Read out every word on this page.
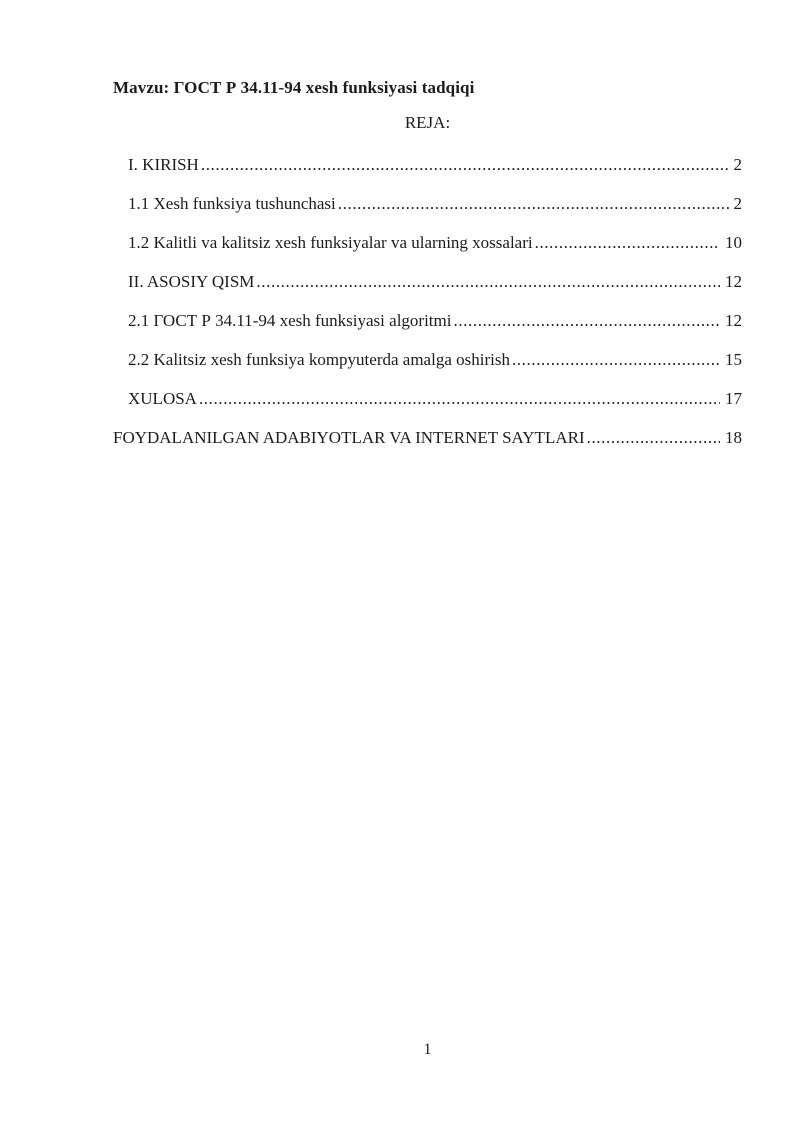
Mavzu: ГОСТ Р 34.11-94 xesh funksiyasi tadqiqi
REJA:
I. KIRISH .....	2
1.1 Xesh funksiya tushunchasi .....	2
1.2 Kalitli va kalitsiz xesh funksiyalar va ularning xossalari .....	10
II. ASOSIY QISM .....	12
2.1 ГОСТ Р 34.11-94 xesh funksiyasi algoritmi .....	12
2.2 Kalitsiz xesh funksiya kompyuterda amalga oshirish .....	15
XULOSA .....	17
FOYDALANILGAN ADABIYOTLAR VA INTERNET SAYTLARI .....	18
1
